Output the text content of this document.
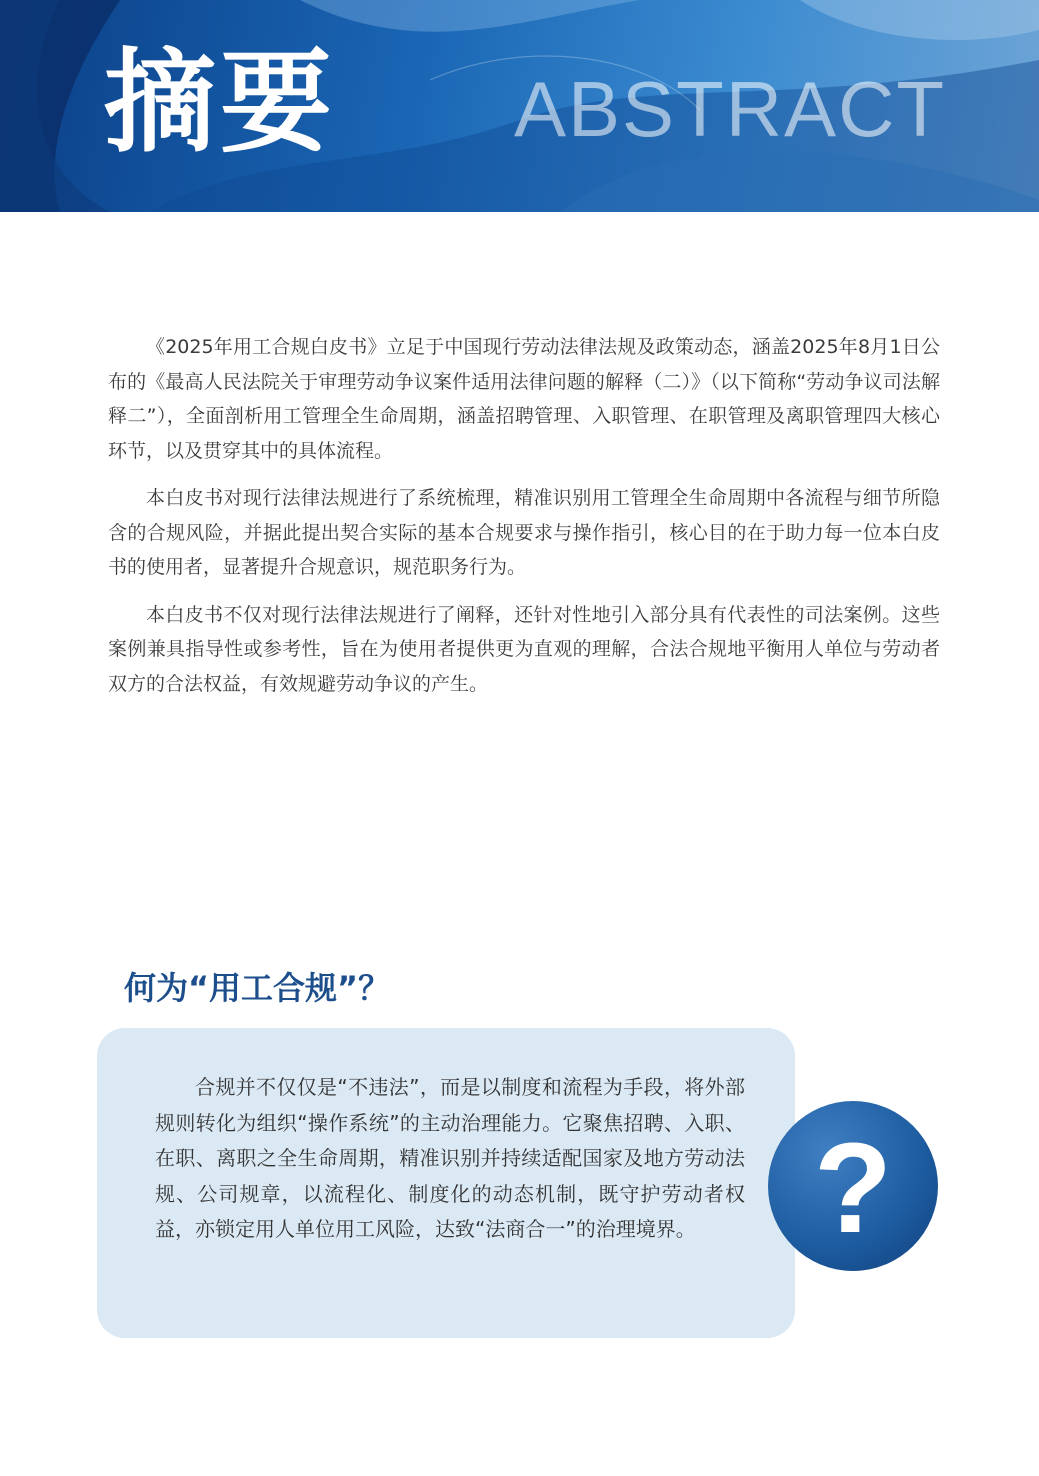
摘要 ABSTRACT

《2025年用工合规白皮书》立足于中国现行劳动法律法规及政策动态，涵盖2025年8月1日公布的《最高人民法院关于审理劳动争议案件适用法律问题的解释（二）》（以下简称“劳动争议司法解释二”），全面剖析用工管理全生命周期，涵盖招聘管理、入职管理、在职管理及离职管理四大核心环节，以及贯穿其中的具体流程。

本白皮书对现行法律法规进行了系统梳理，精准识别用工管理全生命周期中各流程与细节所隐含的合规风险，并据此提出契合实际的基本合规要求与操作指引，核心目的在于助力每一位本白皮书的使用者，显著提升合规意识，规范职务行为。

本白皮书不仅对现行法律法规进行了阐释，还针对性地引入部分具有代表性的司法案例。这些案例兼具指导性或参考性，旨在为使用者提供更为直观的理解，合法合规地平衡用人单位与劳动者双方的合法权益，有效规避劳动争议的产生。

何为“用工合规”？

合规并不仅仅是“不违法”，而是以制度和流程为手段，将外部规则转化为组织“操作系统”的主动治理能力。它聚焦招聘、入职、在职、离职之全生命周期，精准识别并持续适配国家及地方劳动法规、公司规章，以流程化、制度化的动态机制，既守护劳动者权益，亦锁定用人单位用工风险，达致“法商合一”的治理境界。 ?
